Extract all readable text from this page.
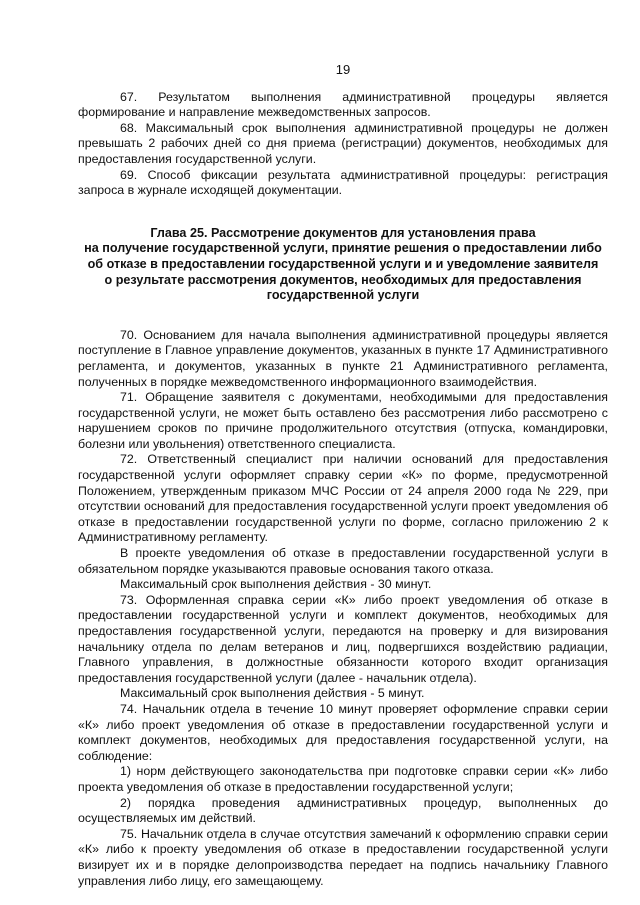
19

67. Результатом выполнения административной процедуры является формирование и направление межведомственных запросов.

68. Максимальный срок выполнения административной процедуры не должен превышать 2 рабочих дней со дня приема (регистрации) документов, необходимых для предоставления государственной услуги.

69. Способ фиксации результата административной процедуры: регистрация запроса в журнале исходящей документации.

Глава 25. Рассмотрение документов для установления права
на получение государственной услуги, принятие решения о предоставлении либо
об отказе в предоставлении государственной услуги и и уведомление заявителя
о результате рассмотрения документов, необходимых для предоставления
государственной услуги

70. Основанием для начала выполнения административной процедуры является поступление в Главное управление документов, указанных в пункте 17 Административного регламента, и документов, указанных в пункте 21 Административного регламента, полученных в порядке межведомственного информационного взаимодействия.

71. Обращение заявителя с документами, необходимыми для предоставления государственной услуги, не может быть оставлено без рассмотрения либо рассмотрено с нарушением сроков по причине продолжительного отсутствия (отпуска, командировки, болезни или увольнения) ответственного специалиста.

72. Ответственный специалист при наличии оснований для предоставления государственной услуги оформляет справку серии «К» по форме, предусмотренной Положением, утвержденным приказом МЧС России от 24 апреля 2000 года № 229, при отсутствии оснований для предоставления государственной услуги проект уведомления об отказе в предоставлении государственной услуги по форме, согласно приложению 2 к Административному регламенту.

В проекте уведомления об отказе в предоставлении государственной услуги в обязательном порядке указываются правовые основания такого отказа.

Максимальный срок выполнения действия - 30 минут.

73. Оформленная справка серии «К» либо проект уведомления об отказе в предоставлении государственной услуги и комплект документов, необходимых для предоставления государственной услуги, передаются на проверку и для визирования начальнику отдела по делам ветеранов и лиц, подвергшихся воздействию радиации, Главного управления, в должностные обязанности которого входит организация предоставления государственной услуги (далее - начальник отдела).

Максимальный срок выполнения действия - 5 минут.

74. Начальник отдела в течение 10 минут проверяет оформление справки серии «К» либо проект уведомления об отказе в предоставлении государственной услуги и комплект документов, необходимых для предоставления государственной услуги, на соблюдение:

1) норм действующего законодательства при подготовке справки серии «К» либо проекта уведомления об отказе в предоставлении государственной услуги;

2) порядка проведения административных процедур, выполненных до осуществляемых им действий.

75. Начальник отдела в случае отсутствия замечаний к оформлению справки серии «К» либо к проекту уведомления об отказе в предоставлении государственной услуги визирует их и в порядке делопроизводства передает на подпись начальнику Главного управления либо лицу, его замещающему.
